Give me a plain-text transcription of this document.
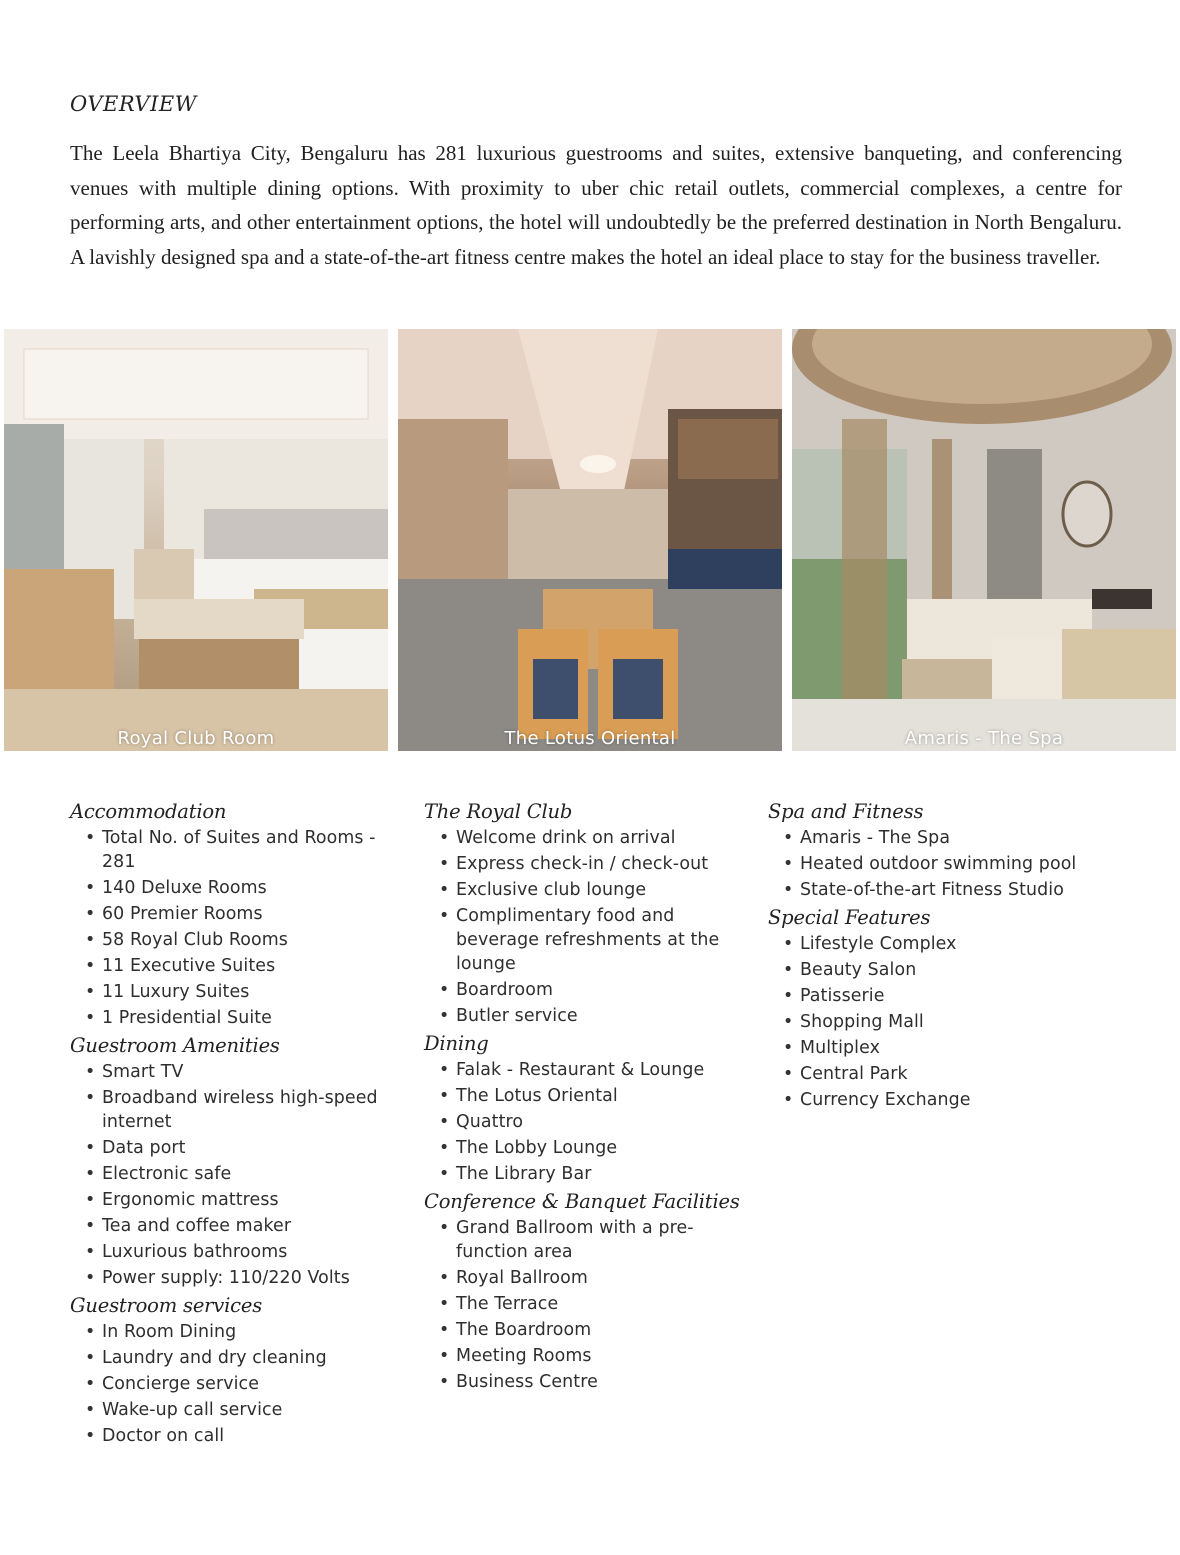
OVERVIEW

The Leela Bhartiya City, Bengaluru has 281 luxurious guestrooms and suites, extensive banqueting, and conferencing venues with multiple dining options. With proximity to uber chic retail outlets, commercial complexes, a centre for performing arts, and other entertainment options, the hotel will undoubtedly be the preferred destination in North Bengaluru. A lavishly designed spa and a state-of-the-art fitness centre makes the hotel an ideal place to stay for the business traveller.

Royal Club Room	The Lotus Oriental	Amaris - The Spa
Accommodation
• Total No. of Suites and Rooms - 281
• 140 Deluxe Rooms
• 60 Premier Rooms
• 58 Royal Club Rooms
• 11 Executive Suites
• 11 Luxury Suites
• 1 Presidential Suite
Guestroom Amenities
• Smart TV
• Broadband wireless high-speed internet
• Data port
• Electronic safe
• Ergonomic mattress
• Tea and coffee maker
• Luxurious bathrooms
• Power supply: 110/220 Volts
Guestroom services
• In Room Dining
• Laundry and dry cleaning
• Concierge service
• Wake-up call service
• Doctor on call
The Royal Club
• Welcome drink on arrival
• Express check-in / check-out
• Exclusive club lounge
• Complimentary food and beverage refreshments at the lounge
• Boardroom
• Butler service
Dining
• Falak - Restaurant & Lounge
• The Lotus Oriental
• Quattro
• The Lobby Lounge
• The Library Bar
Conference & Banquet Facilities
• Grand Ballroom with a pre-function area
• Royal Ballroom
• The Terrace
• The Boardroom
• Meeting Rooms
• Business Centre
Spa and Fitness
• Amaris - The Spa
• Heated outdoor swimming pool
• State-of-the-art Fitness Studio
Special Features
• Lifestyle Complex
• Beauty Salon
• Patisserie
• Shopping Mall
• Multiplex
• Central Park
• Currency Exchange
